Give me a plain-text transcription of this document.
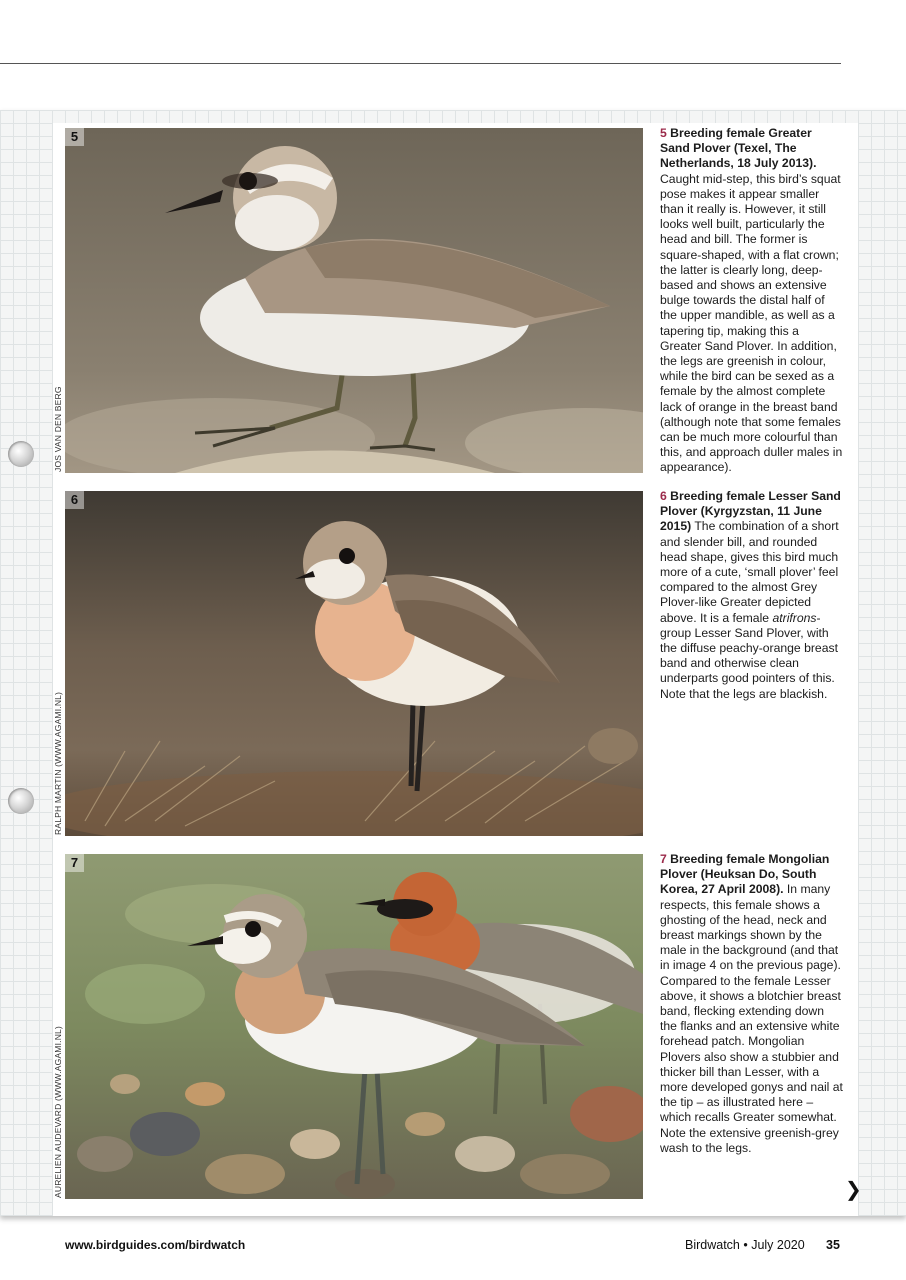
5
JOS VAN DEN BERG
6
RALPH MARTIN (WWW.AGAMI.NL)
7
AURELIEN AUDEVARD (WWW.AGAMI.NL)
5 Breeding female Greater Sand Plover (Texel, The Netherlands, 18 July 2013). Caught mid-step, this bird’s squat pose makes it appear smaller than it really is. However, it still looks well built, particularly the head and bill. The former is square-shaped, with a flat crown; the latter is clearly long, deep-based and shows an extensive bulge towards the distal half of the upper mandible, as well as a tapering tip, making this a Greater Sand Plover. In addition, the legs are greenish in colour, while the bird can be sexed as a female by the almost complete lack of orange in the breast band (although note that some females can be much more colourful than this, and approach duller males in appearance).
6 Breeding female Lesser Sand Plover (Kyrgyzstan, 11 June 2015) The combination of a short and slender bill, and rounded head shape, gives this bird much more of a cute, ‘small plover’ feel compared to the almost Grey Plover-like Greater depicted above. It is a female atrifrons-group Lesser Sand Plover, with the diffuse peachy-orange breast band and otherwise clean underparts good pointers of this. Note that the legs are blackish.
7 Breeding female Mongolian Plover (Heuksan Do, South Korea, 27 April 2008). In many respects, this female shows a ghosting of the head, neck and breast markings shown by the male in the background (and that in image 4 on the previous page). Compared to the female Lesser above, it shows a blotchier breast band, flecking extending down the flanks and an extensive white forehead patch. Mongolian Plovers also show a stubbier and thicker bill than Lesser, with a more developed gonys and nail at the tip – as illustrated here – which recalls Greater somewhat. Note the extensive greenish-grey wash to the legs.
❯
www.birdguides.com/birdwatch	Birdwatch • July 2020 35
